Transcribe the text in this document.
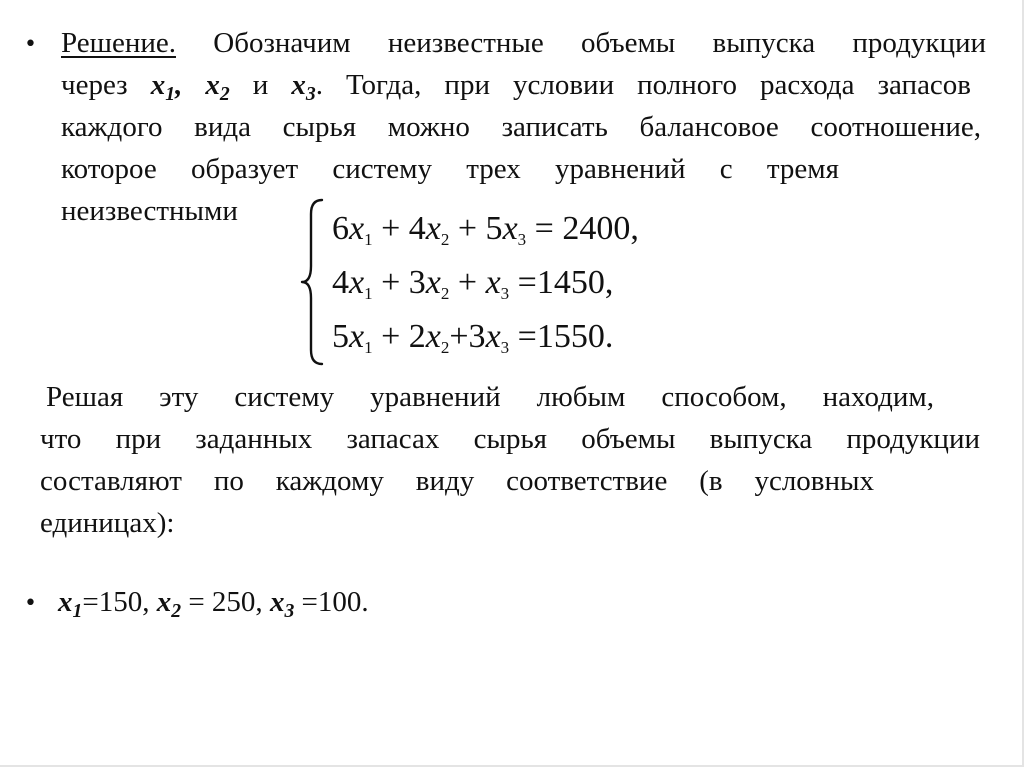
• Решение. Обозначим неизвестные объемы выпуска продукции
через $x_1$, $x_2$ и $x_3$. Тогда, при условии полного расхода запасов
каждого вида сырья можно записать балансовое соотношение,
которое образует систему трех уравнений с тремя
неизвестными	$6x_1 + 4x_2 + 5x_3 = 2400$,
$4x_1 + 3x_2 + x_3 =1450$,
$5x_1 + 2x_2+3x_3 =1550$.

Решая эту систему уравнений любым способом, находим,
что при заданных запасах сырья объемы выпуска продукции
составляют по каждому виду соответствие (в условных
единицах):

• $x_1=150$, $x_2 = 250$, $x_3 =100$.
